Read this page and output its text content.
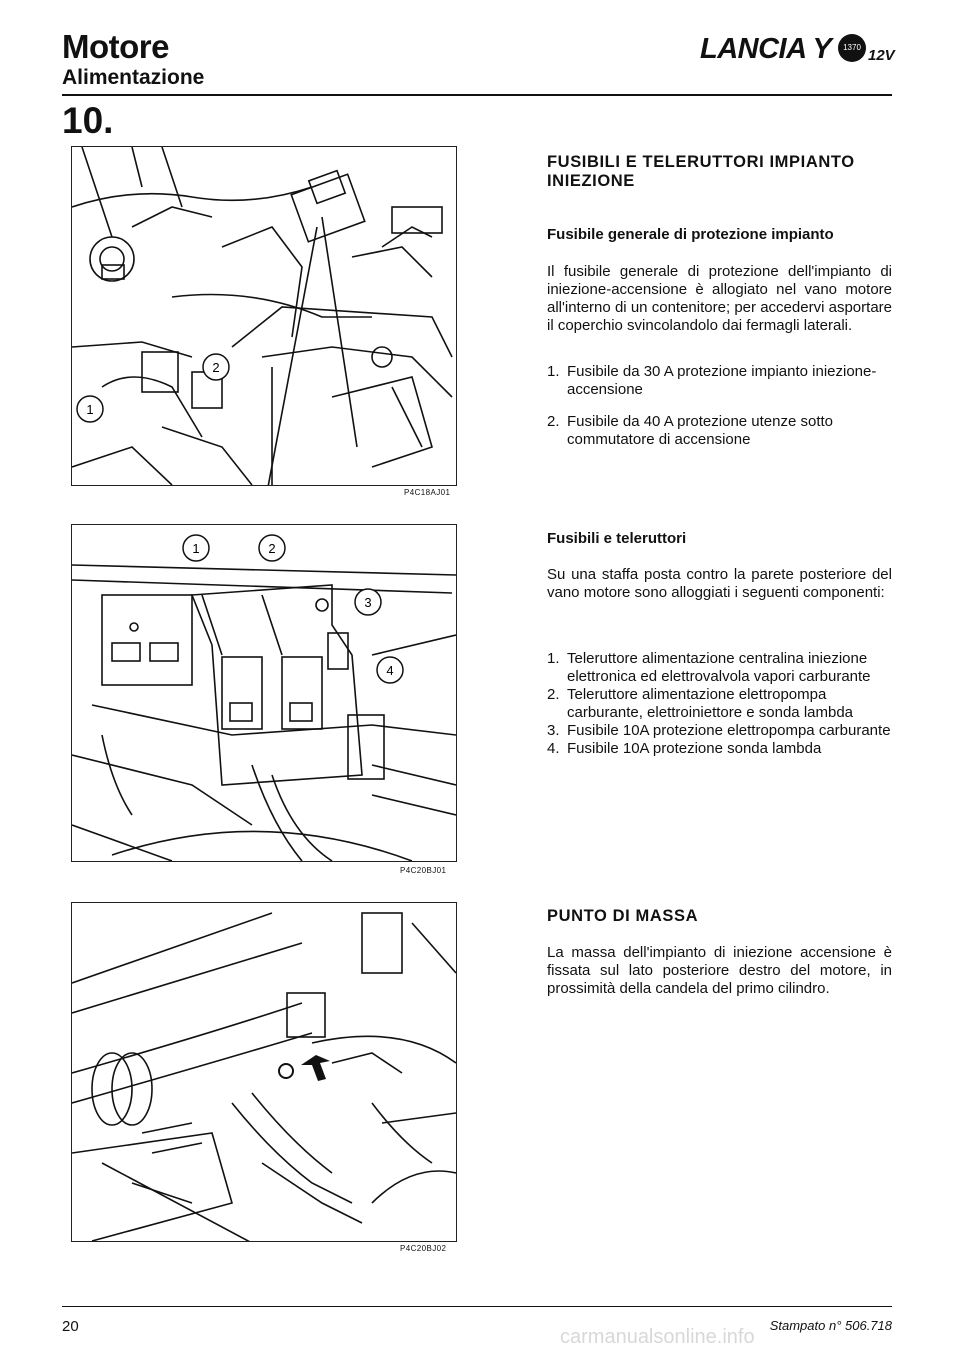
Motore
Alimentazione
LANCIA Y	1370 12V
10.
2
1
P4C18AJ01
1	2
3
4
P4C20BJ01
P4C20BJ02
FUSIBILI E TELERUTTORI IMPIANTO INIEZIONE
Fusibile generale di protezione impianto

Il fusibile generale di protezione dell'impianto di iniezione-accensione è allogiato nel vano motore all'interno di un contenitore; per accedervi asportare il coperchio svincolandolo dai fermagli laterali.

1. Fusibile da 30 A protezione impianto iniezione-accensione
2. Fusibile da 40 A protezione utenze sotto commutatore di accensione
Fusibili e teleruttori

Su una staffa posta contro la parete posteriore del vano motore sono alloggiati i seguenti componenti:

1. Teleruttore alimentazione centralina iniezione elettronica ed elettrovalvola vapori carburante
2. Teleruttore alimentazione elettropompa carburante, elettroiniettore e sonda lambda
3. Fusibile 10A protezione elettropompa carburante
4. Fusibile 10A protezione sonda lambda
PUNTO DI MASSA

La massa dell'impianto di iniezione accensione è fissata sul lato posteriore destro del motore, in prossimità della candela del primo cilindro.

20	Stampato n° 506.718
carmanualsonline.info
